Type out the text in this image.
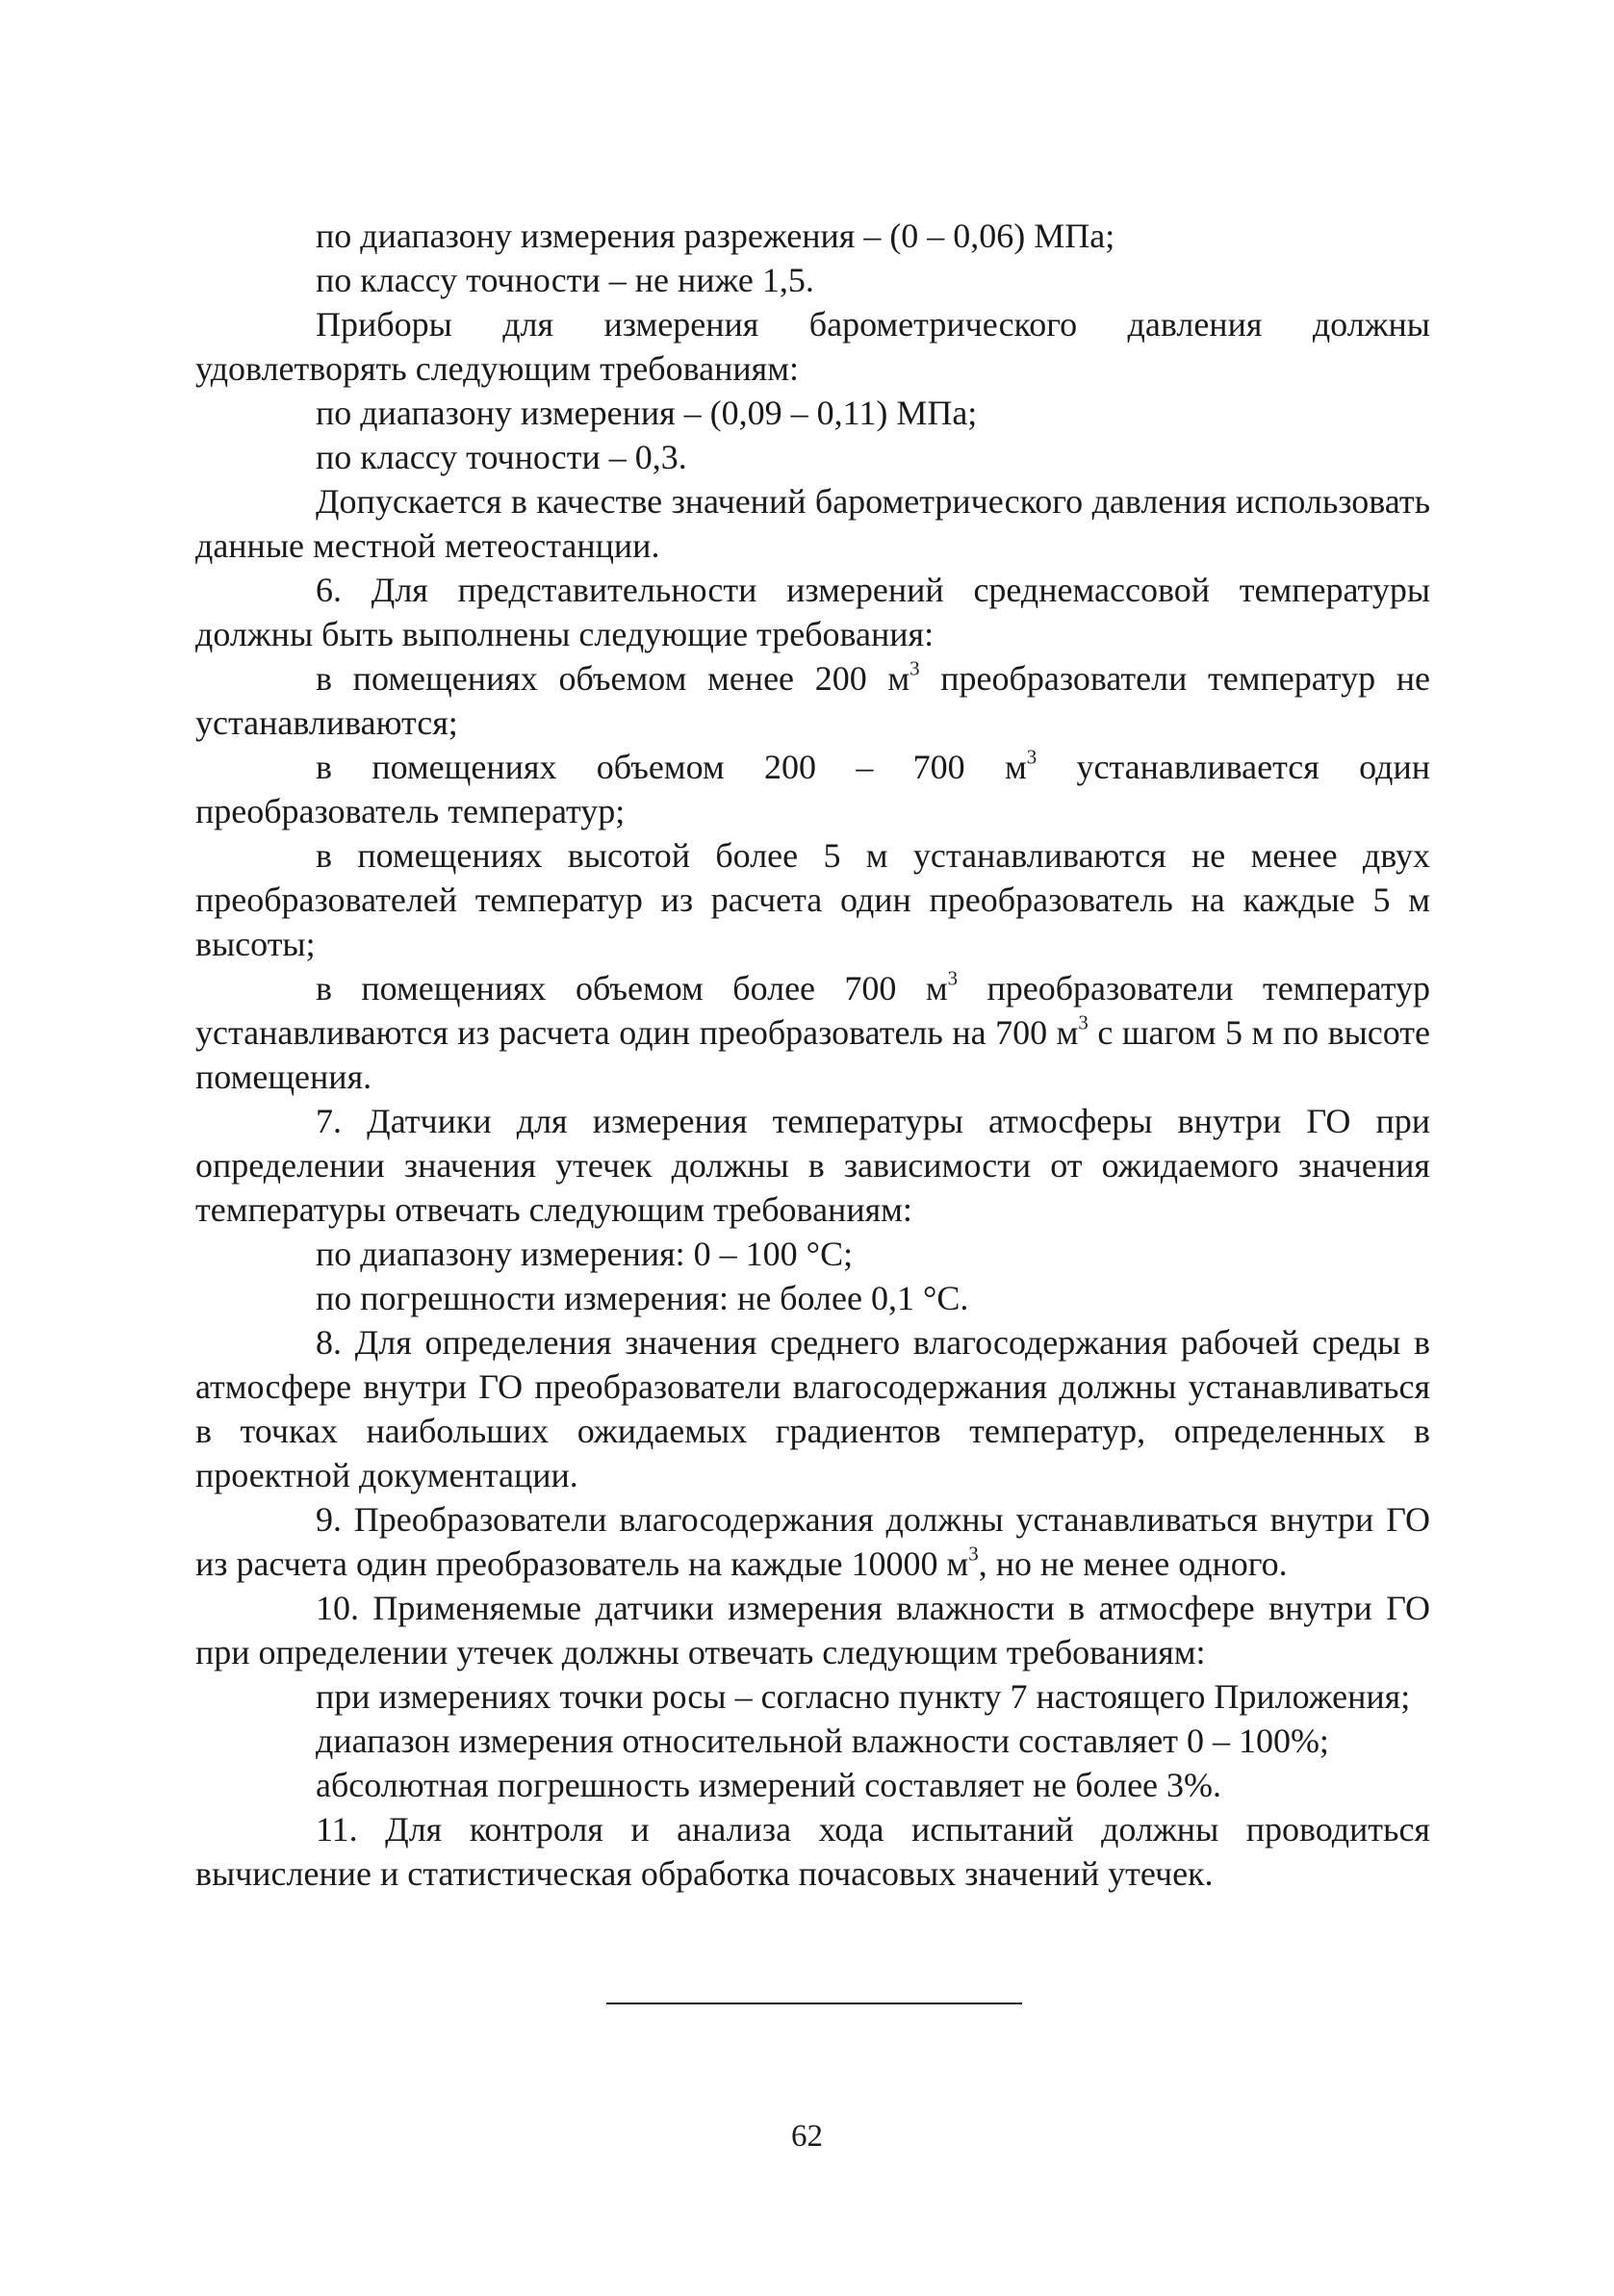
по диапазону измерения разрежения – (0 – 0,06) МПа;

по классу точности – не ниже 1,5.

Приборы для измерения барометрического давления должны удовлетворять следующим требованиям:

по диапазону измерения – (0,09 – 0,11) МПа;

по классу точности – 0,3.

Допускается в качестве значений барометрического давления использовать данные местной метеостанции.

6. Для представительности измерений среднемассовой температуры должны быть выполнены следующие требования:

в помещениях объемом менее 200 $м^3$ преобразователи температур не устанавливаются;

в помещениях объемом 200 – 700 $м^3$ устанавливается один преобразователь температур;

в помещениях высотой более 5 м устанавливаются не менее двух преобразователей температур из расчета один преобразователь на каждые 5 м высоты;

в помещениях объемом более 700 $м^3$ преобразователи температур устанавливаются из расчета один преобразователь на 700 $м^3$ с шагом 5 м по высоте помещения.

7. Датчики для измерения температуры атмосферы внутри ГО при определении значения утечек должны в зависимости от ожидаемого значения температуры отвечать следующим требованиям:

по диапазону измерения: 0 – 100 °С;

по погрешности измерения: не более 0,1 °С.

8. Для определения значения среднего влагосодержания рабочей среды в атмосфере внутри ГО преобразователи влагосодержания должны устанавливаться в точках наибольших ожидаемых градиентов температур, определенных в проектной документации.

9. Преобразователи влагосодержания должны устанавливаться внутри ГО из расчета один преобразователь на каждые 10000 $м^3$, но не менее одного.

10. Применяемые датчики измерения влажности в атмосфере внутри ГО при определении утечек должны отвечать следующим требованиям:

при измерениях точки росы – согласно пункту 7 настоящего Приложения;

диапазон измерения относительной влажности составляет 0 – 100%;

абсолютная погрешность измерений составляет не более 3%.

11. Для контроля и анализа хода испытаний должны проводиться вычисление и статистическая обработка почасовых значений утечек.

62
